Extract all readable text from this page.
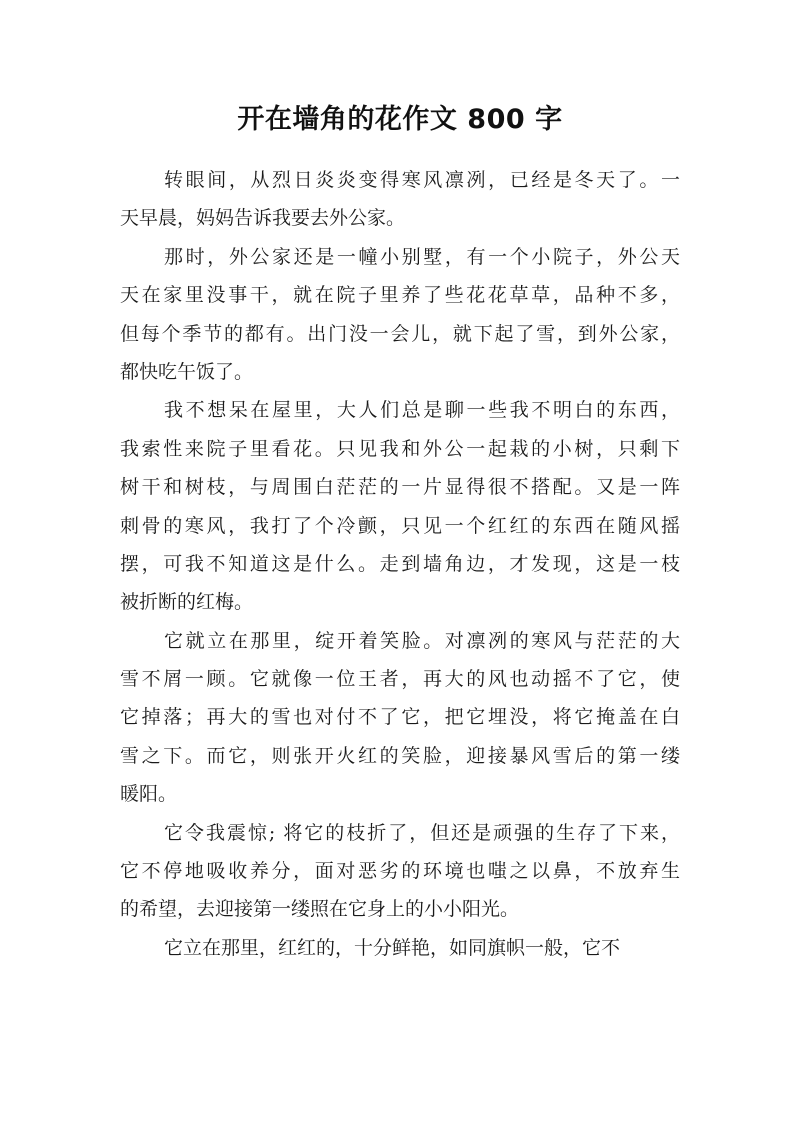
开在墙角的花作文 800 字

转眼间，从烈日炎炎变得寒风凛冽，已经是冬天了。一
天早晨，妈妈告诉我要去外公家。

那时，外公家还是一幢小别墅，有一个小院子，外公天
天在家里没事干，就在院子里养了些花花草草，品种不多，
但每个季节的都有。出门没一会儿，就下起了雪，到外公家，
都快吃午饭了。

我不想呆在屋里，大人们总是聊一些我不明白的东西，
我索性来院子里看花。只见我和外公一起栽的小树，只剩下
树干和树枝，与周围白茫茫的一片显得很不搭配。又是一阵
刺骨的寒风，我打了个冷颤，只见一个红红的东西在随风摇
摆，可我不知道这是什么。走到墙角边，才发现，这是一枝
被折断的红梅。

它就立在那里，绽开着笑脸。对凛冽的寒风与茫茫的大
雪不屑一顾。它就像一位王者，再大的风也动摇不了它，使
它掉落；再大的雪也对付不了它，把它埋没，将它掩盖在白
雪之下。而它，则张开火红的笑脸，迎接暴风雪后的第一缕
暖阳。

它令我震惊; 将它的枝折了，但还是顽强的生存了下来，
它不停地吸收养分，面对恶劣的环境也嗤之以鼻，不放弃生
的希望，去迎接第一缕照在它身上的小小阳光。

它立在那里，红红的，十分鲜艳，如同旗帜一般，它不
